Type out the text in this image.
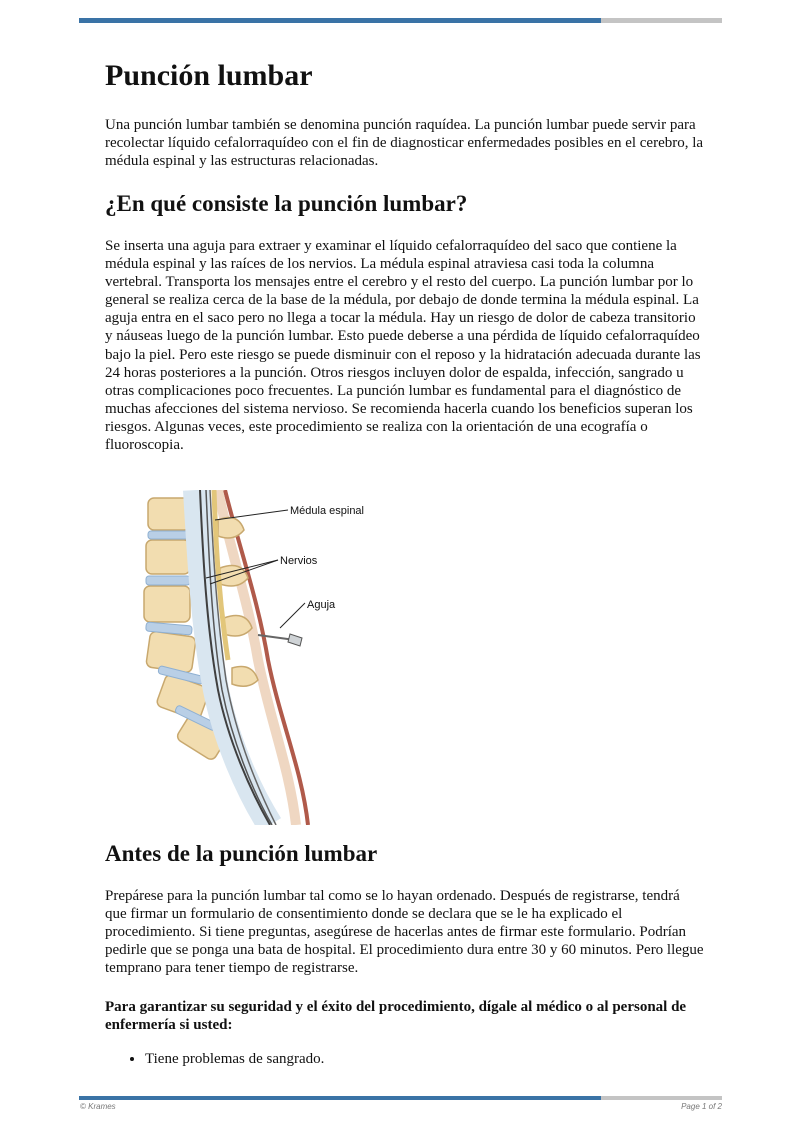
Punción lumbar

Una punción lumbar también se denomina punción raquídea. La punción lumbar puede servir para recolectar líquido cefalorraquídeo con el fin de diagnosticar enfermedades posibles en el cerebro, la médula espinal y las estructuras relacionadas.

¿En qué consiste la punción lumbar?

Se inserta una aguja para extraer y examinar el líquido cefalorraquídeo del saco que contiene la médula espinal y las raíces de los nervios. La médula espinal atraviesa casi toda la columna vertebral. Transporta los mensajes entre el cerebro y el resto del cuerpo. La punción lumbar por lo general se realiza cerca de la base de la médula, por debajo de donde termina la médula espinal. La aguja entra en el saco pero no llega a tocar la médula. Hay un riesgo de dolor de cabeza transitorio y náuseas luego de la punción lumbar. Esto puede deberse a una pérdida de líquido cefalorraquídeo bajo la piel. Pero este riesgo se puede disminuir con el reposo y la hidratación adecuada durante las 24 horas posteriores a la punción. Otros riesgos incluyen dolor de espalda, infección, sangrado u otras complicaciones poco frecuentes. La punción lumbar es fundamental para el diagnóstico de muchas afecciones del sistema nervioso. Se recomienda hacerla cuando los beneficios superan los riesgos. Algunas veces, este procedimiento se realiza con la orientación de una ecografía o fluoroscopia.

Médula espinal
Nervios
Aguja
Antes de la punción lumbar

Prepárese para la punción lumbar tal como se lo hayan ordenado. Después de registrarse, tendrá que firmar un formulario de consentimiento donde se declara que se le ha explicado el procedimiento. Si tiene preguntas, asegúrese de hacerlas antes de firmar este formulario. Podrían pedirle que se ponga una bata de hospital. El procedimiento dura entre 30 y 60 minutos. Pero llegue temprano para tener tiempo de registrarse.

Para garantizar su seguridad y el éxito del procedimiento, dígale al médico o al personal de enfermería si usted:

• Tiene problemas de sangrado.
© Krames	Page 1 of 2
